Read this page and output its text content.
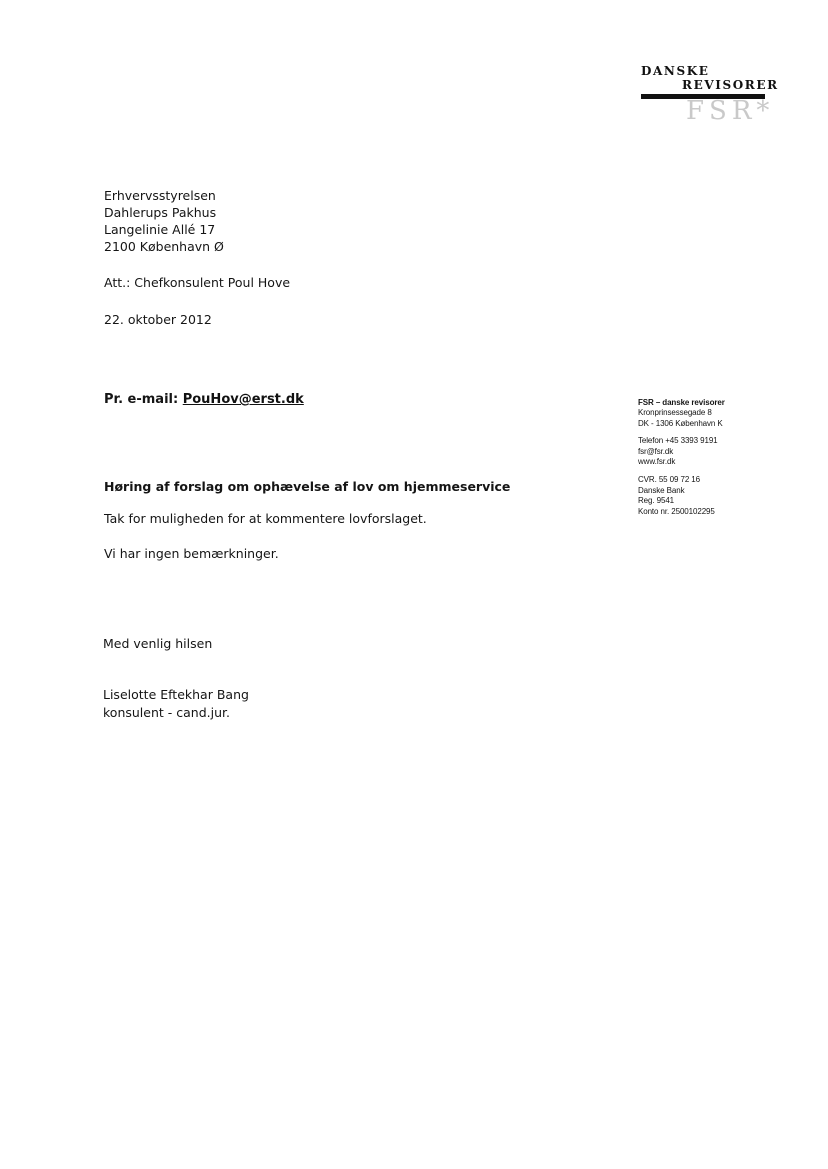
DANSKE
REVISORER
FSR*
Erhvervsstyrelsen
Dahlerups Pakhus
Langelinie Allé 17
2100 København Ø
Att.: Chefkonsulent Poul Hove
22. oktober 2012
Pr. e-mail: PouHov@erst.dk	FSR – danske revisorer
Kronprinsessegade 8
DK - 1306 København K
Telefon +45 3393 9191
fsr@fsr.dk
www.fsr.dk
CVR. 55 09 72 16
Danske Bank
Reg. 9541
Konto nr. 2500102295
Høring af forslag om ophævelse af lov om hjemmeservice
Tak for muligheden for at kommentere lovforslaget.
Vi har ingen bemærkninger.
Med venlig hilsen
Liselotte Eftekhar Bang
konsulent - cand.jur.
